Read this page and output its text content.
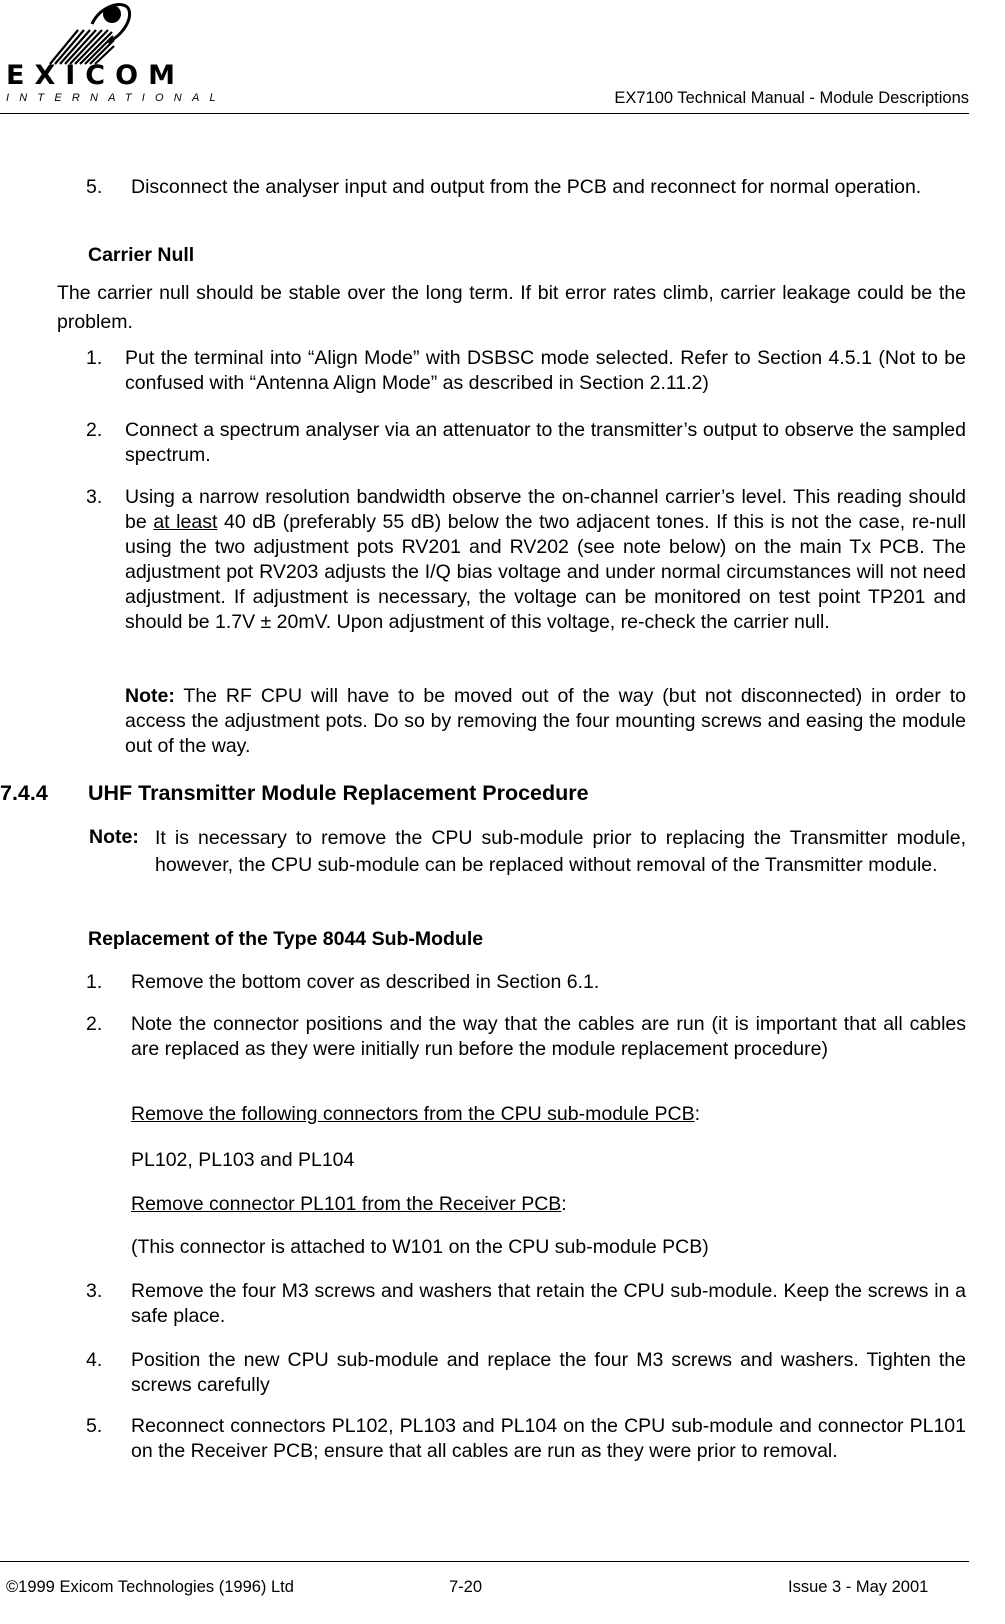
EXICOM
INTERNATIONAL	EX7100 Technical Manual - Module Descriptions
5. Disconnect the analyser input and output from the PCB and reconnect for normal operation.
Carrier Null
The carrier null should be stable over the long term. If bit error rates climb, carrier leakage could be the problem.
1. Put the terminal into “Align Mode” with DSBSC mode selected. Refer to Section 4.5.1 (Not to be confused with “Antenna Align Mode” as described in Section 2.11.2)
2. Connect a spectrum analyser via an attenuator to the transmitter’s output to observe the sampled spectrum.
3. Using a narrow resolution bandwidth observe the on-channel carrier’s level. This reading should be at least 40 dB (preferably 55 dB) below the two adjacent tones. If this is not the case, re-null using the two adjustment pots RV201 and RV202 (see note below) on the main Tx PCB. The adjustment pot RV203 adjusts the I/Q bias voltage and under normal circumstances will not need adjustment. If adjustment is necessary, the voltage can be monitored on test point TP201 and should be 1.7V ± 20mV. Upon adjustment of this voltage, re-check the carrier null.
Note: The RF CPU will have to be moved out of the way (but not disconnected) in order to access the adjustment pots. Do so by removing the four mounting screws and easing the module out of the way.
7.4.4 UHF Transmitter Module Replacement Procedure
Note: It is necessary to remove the CPU sub-module prior to replacing the Transmitter module, however, the CPU sub-module can be replaced without removal of the Transmitter module.
Replacement of the Type 8044 Sub-Module
1. Remove the bottom cover as described in Section 6.1.
2. Note the connector positions and the way that the cables are run (it is important that all cables are replaced as they were initially run before the module replacement procedure)
Remove the following connectors from the CPU sub-module PCB:
PL102, PL103 and PL104
Remove connector PL101 from the Receiver PCB:
(This connector is attached to W101 on the CPU sub-module PCB)
3. Remove the four M3 screws and washers that retain the CPU sub-module. Keep the screws in a safe place.
4. Position the new CPU sub-module and replace the four M3 screws and washers. Tighten the screws carefully
5. Reconnect connectors PL102, PL103 and PL104 on the CPU sub-module and connector PL101 on the Receiver PCB; ensure that all cables are run as they were prior to removal.
©1999 Exicom Technologies (1996) Ltd	7-20	Issue 3 - May 2001
